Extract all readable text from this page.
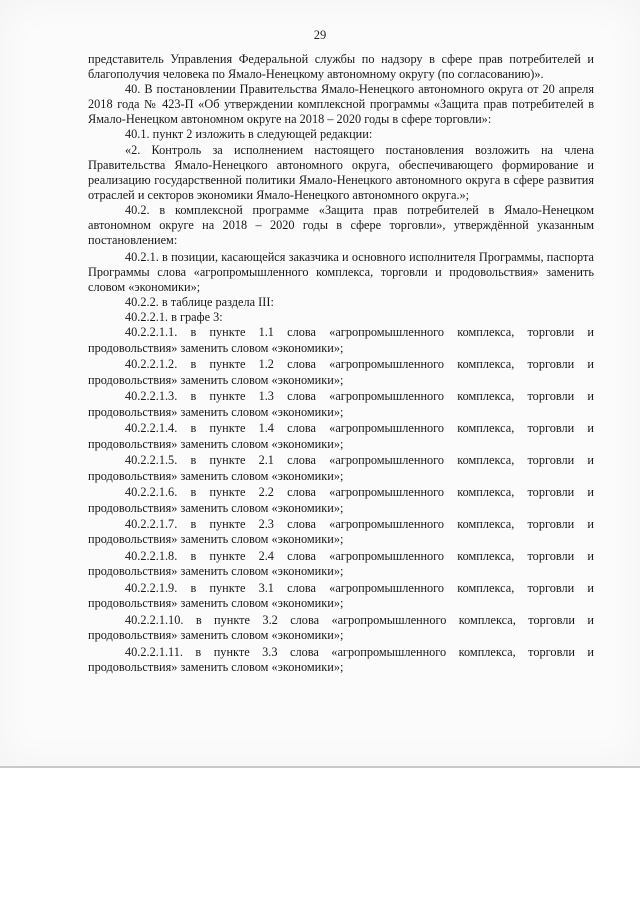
29

представитель Управления Федеральной службы по надзору в сфере прав потребителей и благополучия человека по Ямало-Ненецкому автономному округу (по согласованию)».

40. В постановлении Правительства Ямало-Ненецкого автономного округа от 20 апреля 2018 года № 423-П «Об утверждении комплексной программы «Защита прав потребителей в Ямало-Ненецком автономном округе на 2018 – 2020 годы в сфере торговли»:

40.1. пункт 2 изложить в следующей редакции:

«2. Контроль за исполнением настоящего постановления возложить на члена Правительства Ямало-Ненецкого автономного округа, обеспечивающего формирование и реализацию государственной политики Ямало-Ненецкого автономного округа в сфере развития отраслей и секторов экономики Ямало-Ненецкого автономного округа.»;

40.2. в комплексной программе «Защита прав потребителей в Ямало-Ненецком автономном округе на 2018 – 2020 годы в сфере торговли», утверждённой указанным постановлением:

40.2.1. в позиции, касающейся заказчика и основного исполнителя Программы, паспорта Программы слова «агропромышленного комплекса, торговли и продовольствия» заменить словом «экономики»;

40.2.2. в таблице раздела III:

40.2.2.1. в графе 3:

40.2.2.1.1. в пункте 1.1 слова «агропромышленного комплекса, торговли и продовольствия» заменить словом «экономики»;

40.2.2.1.2. в пункте 1.2 слова «агропромышленного комплекса, торговли и продовольствия» заменить словом «экономики»;

40.2.2.1.3. в пункте 1.3 слова «агропромышленного комплекса, торговли и продовольствия» заменить словом «экономики»;

40.2.2.1.4. в пункте 1.4 слова «агропромышленного комплекса, торговли и продовольствия» заменить словом «экономики»;

40.2.2.1.5. в пункте 2.1 слова «агропромышленного комплекса, торговли и продовольствия» заменить словом «экономики»;

40.2.2.1.6. в пункте 2.2 слова «агропромышленного комплекса, торговли и продовольствия» заменить словом «экономики»;

40.2.2.1.7. в пункте 2.3 слова «агропромышленного комплекса, торговли и продовольствия» заменить словом «экономики»;

40.2.2.1.8. в пункте 2.4 слова «агропромышленного комплекса, торговли и продовольствия» заменить словом «экономики»;

40.2.2.1.9. в пункте 3.1 слова «агропромышленного комплекса, торговли и продовольствия» заменить словом «экономики»;

40.2.2.1.10. в пункте 3.2 слова «агропромышленного комплекса, торговли и продовольствия» заменить словом «экономики»;

40.2.2.1.11. в пункте 3.3 слова «агропромышленного комплекса, торговли и продовольствия» заменить словом «экономики»;
